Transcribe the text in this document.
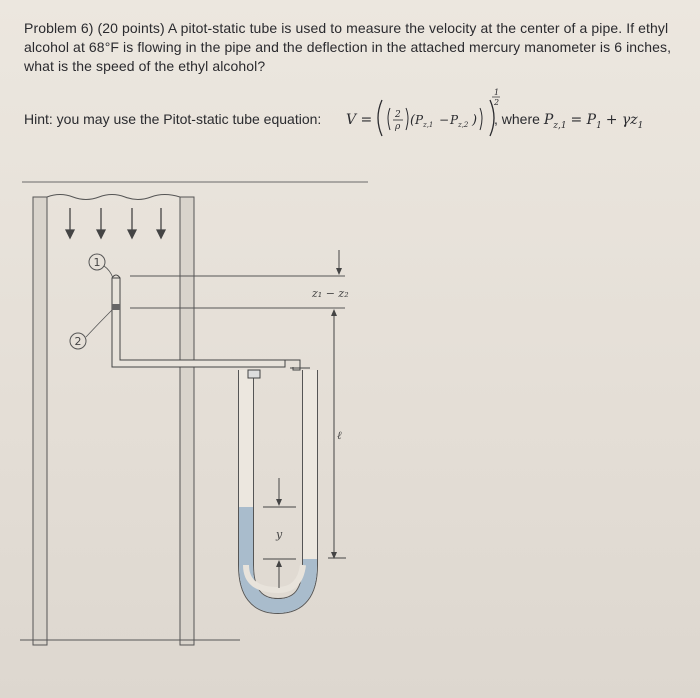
Problem 6) (20 points) A pitot-static tube is used to measure the velocity at the center of a pipe. If ethyl
alcohol at 68°F is flowing in the pipe and the deflection in the attached mercury manometer is 6 inches,
what is the speed of the ethyl alcohol?
Hint: you may use the Pitot-static tube equation: V =	2
ρ ( P z,1 − P z,2 )
1
2
, where $P_{z,1} = P_1 + \gamma z_1$
1
2
z₁ − z₂
y
ℓ
